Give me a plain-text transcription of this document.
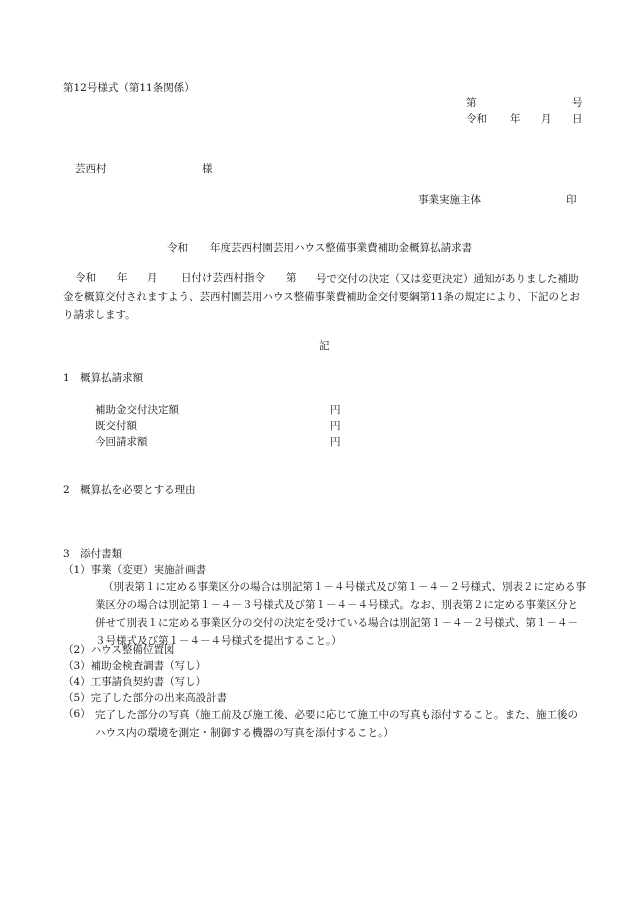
第12号様式（第11条関係）
第	号
令和 年 月 日
芸西村	様
事業実施主体	印
令和 年度芸西村園芸用ハウス整備事業費補助金概算払請求書
令和 年 月 日付け芸西村指令 第	号で交付の決定（又は変更決定）通知がありました補助金を概算交付されますよう、芸西村園芸用ハウス整備事業費補助金交付要綱第11条の規定により、下記のとおり請求します。
記
1　概算払請求額
補助金交付決定額	円
既交付額	円
今回請求額	円
2　概算払を必要とする理由
3　添付書類
（1）事業（変更）実施計画書
（別表第１に定める事業区分の場合は別記第１－４号様式及び第１－４－２号様式、別表２に定める事業区分の場合は別記第１－４－３号様式及び第１－４－４号様式。なお、別表第２に定める事業区分と併せて別表１に定める事業区分の交付の決定を受けている場合は別記第１－４－２号様式、第１－４－３号様式及び第１－４－４号様式を提出すること。）
（2）ハウス整備位置図
（3）補助金検査調書（写し）
（4）工事請負契約書（写し）
（5）完了した部分の出来高設計書
（6） 完了した部分の写真（施工前及び施工後、必要に応じて施工中の写真も添付すること。また、施工後のハウス内の環境を測定・制御する機器の写真を添付すること。）
